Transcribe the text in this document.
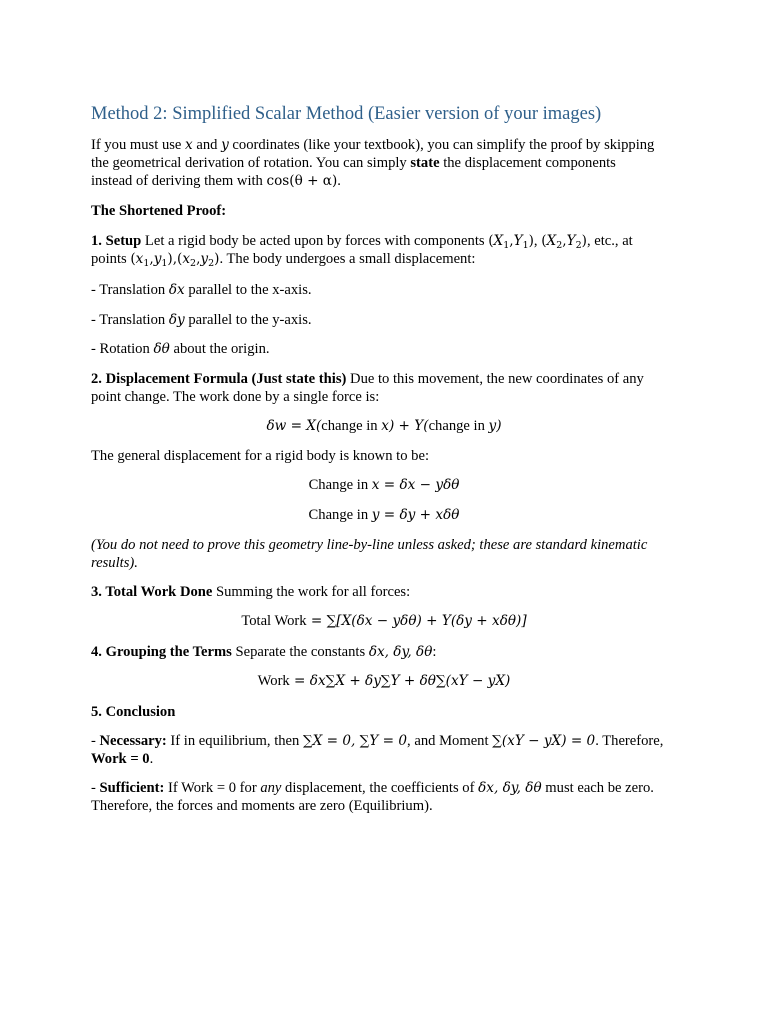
Method 2: Simplified Scalar Method (Easier version of your images)
If you must use x and y coordinates (like your textbook), you can simplify the proof by skipping
the geometrical derivation of rotation. You can simply state the displacement components
instead of deriving them with cos(θ + α).
The Shortened Proof:
1. Setup Let a rigid body be acted upon by forces with components $(X_1,Y_1)$, $(X_2,Y_2)$, etc., at
points $(x_1,y_1),(x_2,y_2)$. The body undergoes a small displacement:
- Translation δx parallel to the x-axis.
- Translation δy parallel to the y-axis.
- Rotation δθ about the origin.
2. Displacement Formula (Just state this) Due to this movement, the new coordinates of any
point change. The work done by a single force is:
δw = X(change in x) + Y(change in y)
The general displacement for a rigid body is known to be:
Change in x = δx − yδθ
Change in y = δy + xδθ
(You do not need to prove this geometry line-by-line unless asked; these are standard kinematic
results).
3. Total Work Done Summing the work for all forces:
Total Work = ∑[X(δx − yδθ) + Y(δy + xδθ)]
4. Grouping the Terms Separate the constants δx, δy, δθ:
Work = δx∑X + δy∑Y + δθ∑(xY − yX)
5. Conclusion
- Necessary: If in equilibrium, then ∑X = 0, ∑Y = 0, and Moment ∑(xY − yX) = 0. Therefore,
Work = 0.
- Sufficient: If Work = 0 for any displacement, the coefficients of δx, δy, δθ must each be zero.
Therefore, the forces and moments are zero (Equilibrium).
